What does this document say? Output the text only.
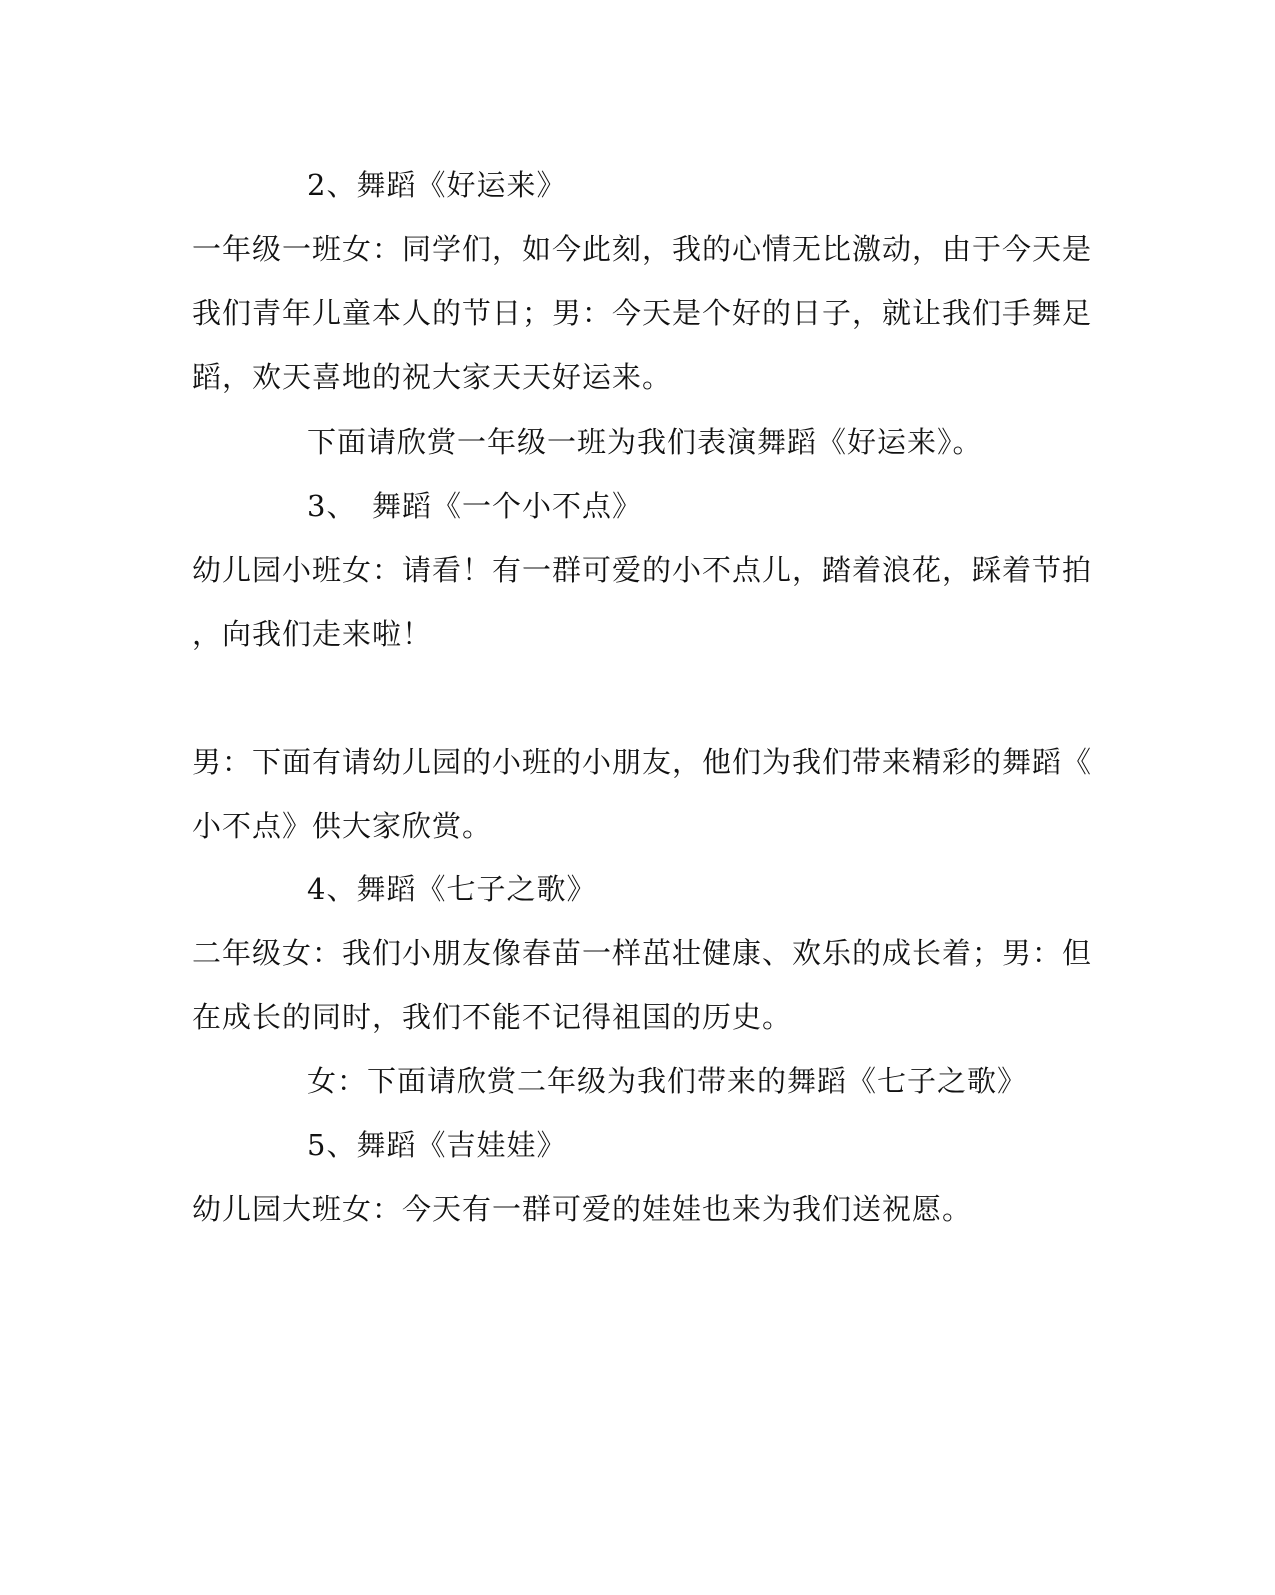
2、舞蹈《好运来》
一年级一班女：同学们，如今此刻，我的心情无比激动，由于今天是
我们青年儿童本人的节日；男：今天是个好的日子，就让我们手舞足
蹈，欢天喜地的祝大家天天好运来。
下面请欣赏一年级一班为我们表演舞蹈《好运来》。
3、　舞蹈《一个小不点》
幼儿园小班女：请看！有一群可爱的小不点儿，踏着浪花，踩着节拍
，向我们走来啦！
男：下面有请幼儿园的小班的小朋友，他们为我们带来精彩的舞蹈《
小不点》供大家欣赏。
4、舞蹈《七子之歌》
二年级女：我们小朋友像春苗一样茁壮健康、欢乐的成长着；男：但
在成长的同时，我们不能不记得祖国的历史。
女：下面请欣赏二年级为我们带来的舞蹈《七子之歌》
5、舞蹈《吉娃娃》
幼儿园大班女：今天有一群可爱的娃娃也来为我们送祝愿。
